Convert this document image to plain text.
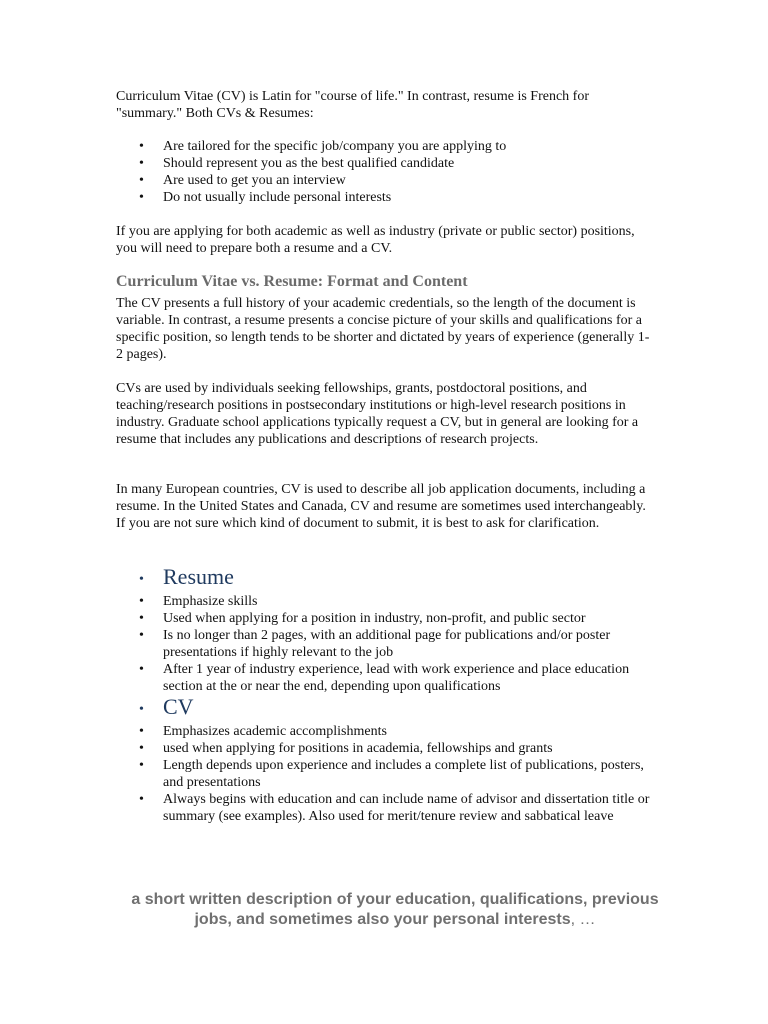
Curriculum Vitae (CV) is Latin for "course of life." In contrast, resume is French for "summary." Both CVs & Resumes:

• Are tailored for the specific job/company you are applying to
• Should represent you as the best qualified candidate
• Are used to get you an interview
• Do not usually include personal interests

If you are applying for both academic as well as industry (private or public sector) positions, you will need to prepare both a resume and a CV.

Curriculum Vitae vs. Resume: Format and Content

The CV presents a full history of your academic credentials, so the length of the document is variable. In contrast, a resume presents a concise picture of your skills and qualifications for a specific position, so length tends to be shorter and dictated by years of experience (generally 1-2 pages).

CVs are used by individuals seeking fellowships, grants, postdoctoral positions, and teaching/research positions in postsecondary institutions or high-level research positions in industry. Graduate school applications typically request a CV, but in general are looking for a resume that includes any publications and descriptions of research projects.

In many European countries, CV is used to describe all job application documents, including a resume. In the United States and Canada, CV and resume are sometimes used interchangeably. If you are not sure which kind of document to submit, it is best to ask for clarification.

• Resume
• Emphasize skills
• Used when applying for a position in industry, non-profit, and public sector
• Is no longer than 2 pages, with an additional page for publications and/or poster presentations if highly relevant to the job
• After 1 year of industry experience, lead with work experience and place education section at the or near the end, depending upon qualifications
• CV
• Emphasizes academic accomplishments
• used when applying for positions in academia, fellowships and grants
• Length depends upon experience and includes a complete list of publications, posters, and presentations
• Always begins with education and can include name of advisor and dissertation title or summary (see examples). Also used for merit/tenure review and sabbatical leave

a short written description of your education, qualifications, previous jobs, and sometimes also your personal interests, …
